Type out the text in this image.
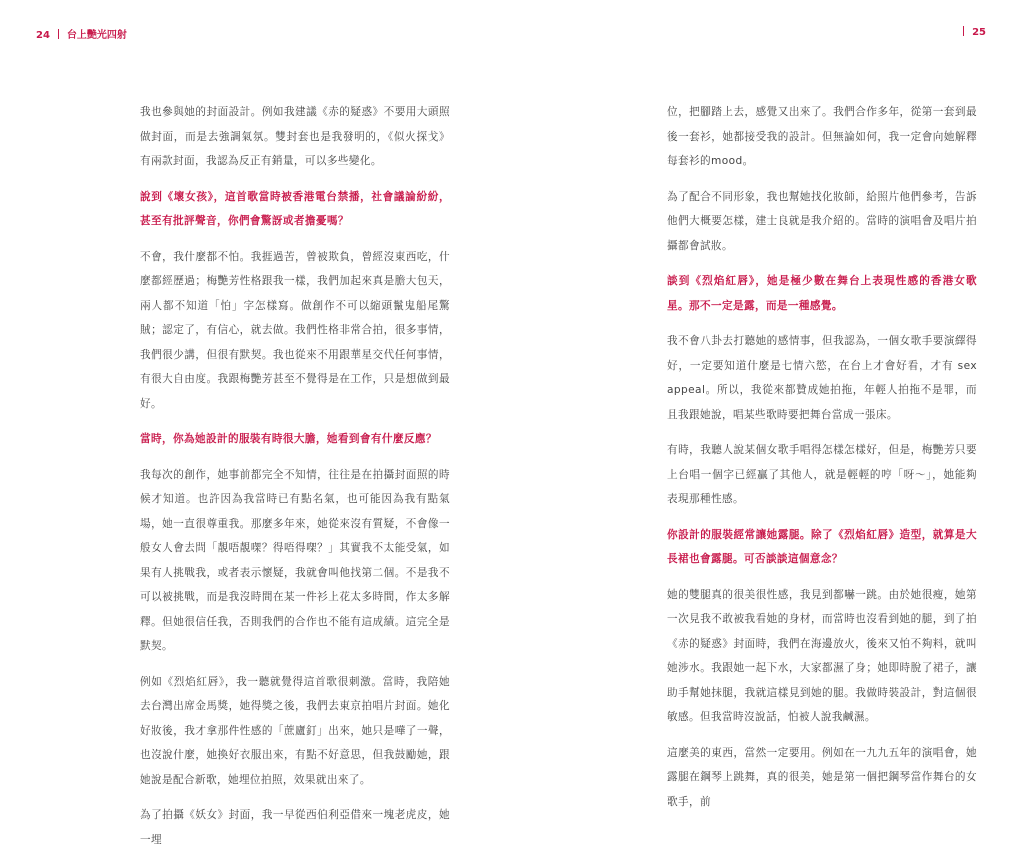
24 台上艷光四射	25

我也參與她的封面設計。例如我建議《赤的疑惑》不要用大頭照做封面，而是去強調氣氛。雙封套也是我發明的，《似火探戈》有兩款封面，我認為反正有銷量，可以多些變化。

說到《壞女孩》，這首歌當時被香港電台禁播，社會議論紛紛，甚至有批評聲音，你們會驚訝或者擔憂嗎？

不會，我什麼都不怕。我捱過苦，曾被欺負，曾經沒東西吃，什麼都經歷過；梅艷芳性格跟我一樣，我們加起來真是膽大包天，兩人都不知道「怕」字怎樣寫。做創作不可以縮頭鬣鬼船尾驚賊；認定了，有信心，就去做。我們性格非常合拍，很多事情，我們很少講，但很有默契。我也從來不用跟華星交代任何事情，有很大自由度。我跟梅艷芳甚至不覺得是在工作，只是想做到最好。

當時，你為她設計的服裝有時很大膽，她看到會有什麼反應？

我每次的創作，她事前都完全不知情，往往是在拍攝封面照的時候才知道。也許因為我當時已有點名氣，也可能因為我有點氣場，她一直很尊重我。那麼多年來，她從來沒有質疑，不會像一般女人會去問「靚唔靚㗎？得唔得㗎？」其實我不太能受氣，如果有人挑戰我，或者表示懷疑，我就會叫他找第二個。不是我不可以被挑戰，而是我沒時間在某一件衫上花太多時間，作太多解釋。但她很信任我，否則我們的合作也不能有這成績。這完全是默契。

例如《烈焰紅唇》，我一聽就覺得這首歌很刺激。當時，我陪她去台灣出席金馬獎，她得獎之後，我們去東京拍唱片封面。她化好妝後，我才拿那件性感的「蔗廬釘」出來，她只是嘩了一聲，也沒說什麼，她換好衣服出來，有點不好意思，但我鼓勵她，跟她說是配合新歌，她埋位拍照，效果就出來了。

為了拍攝《妖女》封面，我一早從西伯利亞借來一塊老虎皮，她一埋

位，把腳踏上去，感覺又出來了。我們合作多年，從第一套到最後一套衫，她都接受我的設計。但無論如何，我一定會向她解釋每套衫的mood。

為了配合不同形象，我也幫她找化妝師，給照片他們參考，告訴他們大概要怎樣，建士良就是我介紹的。當時的演唱會及唱片拍攝都會試妝。

談到《烈焰紅唇》，她是極少數在舞台上表現性感的香港女歌星。那不一定是露，而是一種感覺。

我不會八卦去打聽她的感情事，但我認為，一個女歌手要演繹得好，一定要知道什麼是七情六慾，在台上才會好看，才有 sex appeal。所以，我從來都贊成她拍拖，年輕人拍拖不是罪，而且我跟她說，唱某些歌時要把舞台當成一張床。

有時，我聽人說某個女歌手唱得怎樣怎樣好，但是，梅艷芳只要上台唱一個字已經贏了其他人，就是輕輕的哼「呀～」，她能夠表現那種性感。

你設計的服裝經常讓她露腿。除了《烈焰紅唇》造型，就算是大長裙也會露腿。可否談談這個意念？

她的雙腿真的很美很性感，我見到都嚇一跳。由於她很瘦，她第一次見我不敢被我看她的身材，而當時也沒看到她的腿，到了拍《赤的疑惑》封面時，我們在海邊放火，後來又怕不夠料，就叫她涉水。我跟她一起下水，大家都濕了身；她即時脫了裙子，讓助手幫她抹腿，我就這樣見到她的腿。我做時裝設計，對這個很敏感。但我當時沒說話，怕被人說我鹹濕。

這麼美的東西，當然一定要用。例如在一九九五年的演唱會，她露腿在鋼琴上跳舞，真的很美，她是第一個把鋼琴當作舞台的女歌手，前
